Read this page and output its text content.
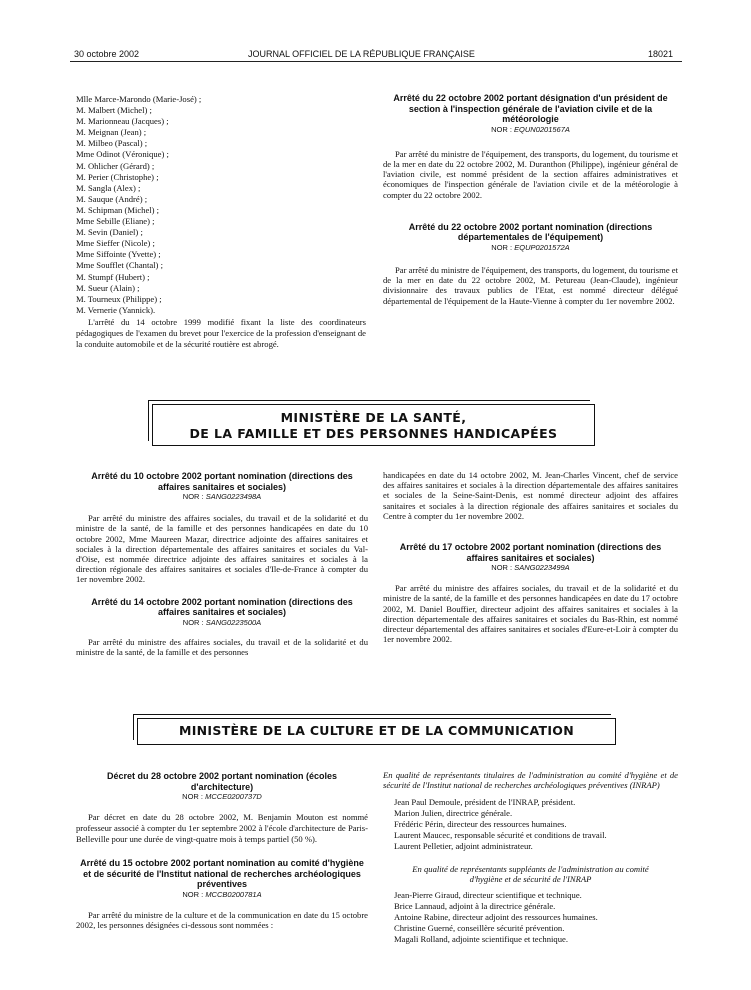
30 octobre 2002	JOURNAL OFFICIEL DE LA RÉPUBLIQUE FRANÇAISE	18021
Mlle Marce-Marondo (Marie-José) ;
M. Malbert (Michel) ;
M. Marionneau (Jacques) ;
M. Meignan (Jean) ;
M. Milbeo (Pascal) ;
Mme Odinot (Véronique) ;
M. Ohlicher (Gérard) ;
M. Perier (Christophe) ;
M. Sangla (Alex) ;
M. Sauque (André) ;
M. Schipman (Michel) ;
Mme Sebille (Eliane) ;
M. Sevin (Daniel) ;
Mme Sieffer (Nicole) ;
Mme Siffointe (Yvette) ;
Mme Soufflet (Chantal) ;
M. Stumpf (Hubert) ;
M. Sueur (Alain) ;
M. Tourneux (Philippe) ;
M. Vernerie (Yannick).

L'arrêté du 14 octobre 1999 modifié fixant la liste des coordinateurs pédagogiques de l'examen du brevet pour l'exercice de la profession d'enseignant de la conduite automobile et de la sécurité routière est abrogé.

Arrêté du 22 octobre 2002 portant désignation d'un président de section à l'inspection générale de l'aviation civile et de la météorologie

NOR : EQUN0201567A

Par arrêté du ministre de l'équipement, des transports, du logement, du tourisme et de la mer en date du 22 octobre 2002, M. Duranthon (Philippe), ingénieur général de l'aviation civile, est nommé président de la section affaires administratives et économiques de l'inspection générale de l'aviation civile et de la météorologie à compter du 22 octobre 2002.

Arrêté du 22 octobre 2002 portant nomination (directions départementales de l'équipement)

NOR : EQUP0201572A

Par arrêté du ministre de l'équipement, des transports, du logement, du tourisme et de la mer en date du 22 octobre 2002, M. Petureau (Jean-Claude), ingénieur divisionnaire des travaux publics de l'Etat, est nommé directeur délégué départemental de l'équipement de la Haute-Vienne à compter du 1er novembre 2002.

MINISTÈRE DE LA SANTÉ,
DE LA FAMILLE ET DES PERSONNES HANDICAPÉES

Arrêté du 10 octobre 2002 portant nomination (directions des affaires sanitaires et sociales)

NOR : SANG0223498A

Par arrêté du ministre des affaires sociales, du travail et de la solidarité et du ministre de la santé, de la famille et des personnes handicapées en date du 10 octobre 2002, Mme Maureen Mazar, directrice adjointe des affaires sanitaires et sociales à la direction départementale des affaires sanitaires et sociales du Val-d'Oise, est nommée directrice adjointe des affaires sanitaires et sociales à la direction régionale des affaires sanitaires et sociales d'Ile-de-France à compter du 1er novembre 2002.

Arrêté du 14 octobre 2002 portant nomination (directions des affaires sanitaires et sociales)

NOR : SANG0223500A

Par arrêté du ministre des affaires sociales, du travail et de la solidarité et du ministre de la santé, de la famille et des personnes

handicapées en date du 14 octobre 2002, M. Jean-Charles Vincent, chef de service des affaires sanitaires et sociales à la direction départementale des affaires sanitaires et sociales de la Seine-Saint-Denis, est nommé directeur adjoint des affaires sanitaires et sociales à la direction régionale des affaires sanitaires et sociales du Centre à compter du 1er novembre 2002.

Arrêté du 17 octobre 2002 portant nomination (directions des affaires sanitaires et sociales)

NOR : SANG0223499A

Par arrêté du ministre des affaires sociales, du travail et de la solidarité et du ministre de la santé, de la famille et des personnes handicapées en date du 17 octobre 2002, M. Daniel Bouffier, directeur adjoint des affaires sanitaires et sociales à la direction départementale des affaires sanitaires et sociales du Bas-Rhin, est nommé directeur départemental des affaires sanitaires et sociales d'Eure-et-Loir à compter du 1er novembre 2002.

MINISTÈRE DE LA CULTURE ET DE LA COMMUNICATION

Décret du 28 octobre 2002 portant nomination (écoles d'architecture)

NOR : MCCE0200737D

Par décret en date du 28 octobre 2002, M. Benjamin Mouton est nommé professeur associé à compter du 1er septembre 2002 à l'école d'architecture de Paris-Belleville pour une durée de vingt-quatre mois à temps partiel (50 %).

Arrêté du 15 octobre 2002 portant nomination au comité d'hygiène et de sécurité de l'Institut national de recherches archéologiques préventives

NOR : MCCB0200781A

Par arrêté du ministre de la culture et de la communication en date du 15 octobre 2002, les personnes désignées ci-dessous sont nommées :

En qualité de représentants titulaires de l'administration au comité d'hygiène et de sécurité de l'Institut national de recherches archéologiques préventives (INRAP)

Jean Paul Demoule, président de l'INRAP, président.
Marion Julien, directrice générale.
Frédéric Périn, directeur des ressources humaines.
Laurent Maucec, responsable sécurité et conditions de travail.
Laurent Pelletier, adjoint administrateur.

En qualité de représentants suppléants de l'administration au comité d'hygiène et de sécurité de l'INRAP

Jean-Pierre Giraud, directeur scientifique et technique.
Brice Lannaud, adjoint à la directrice générale.
Antoine Rabine, directeur adjoint des ressources humaines.
Christine Guerné, conseillère sécurité prévention.
Magali Rolland, adjointe scientifique et technique.
